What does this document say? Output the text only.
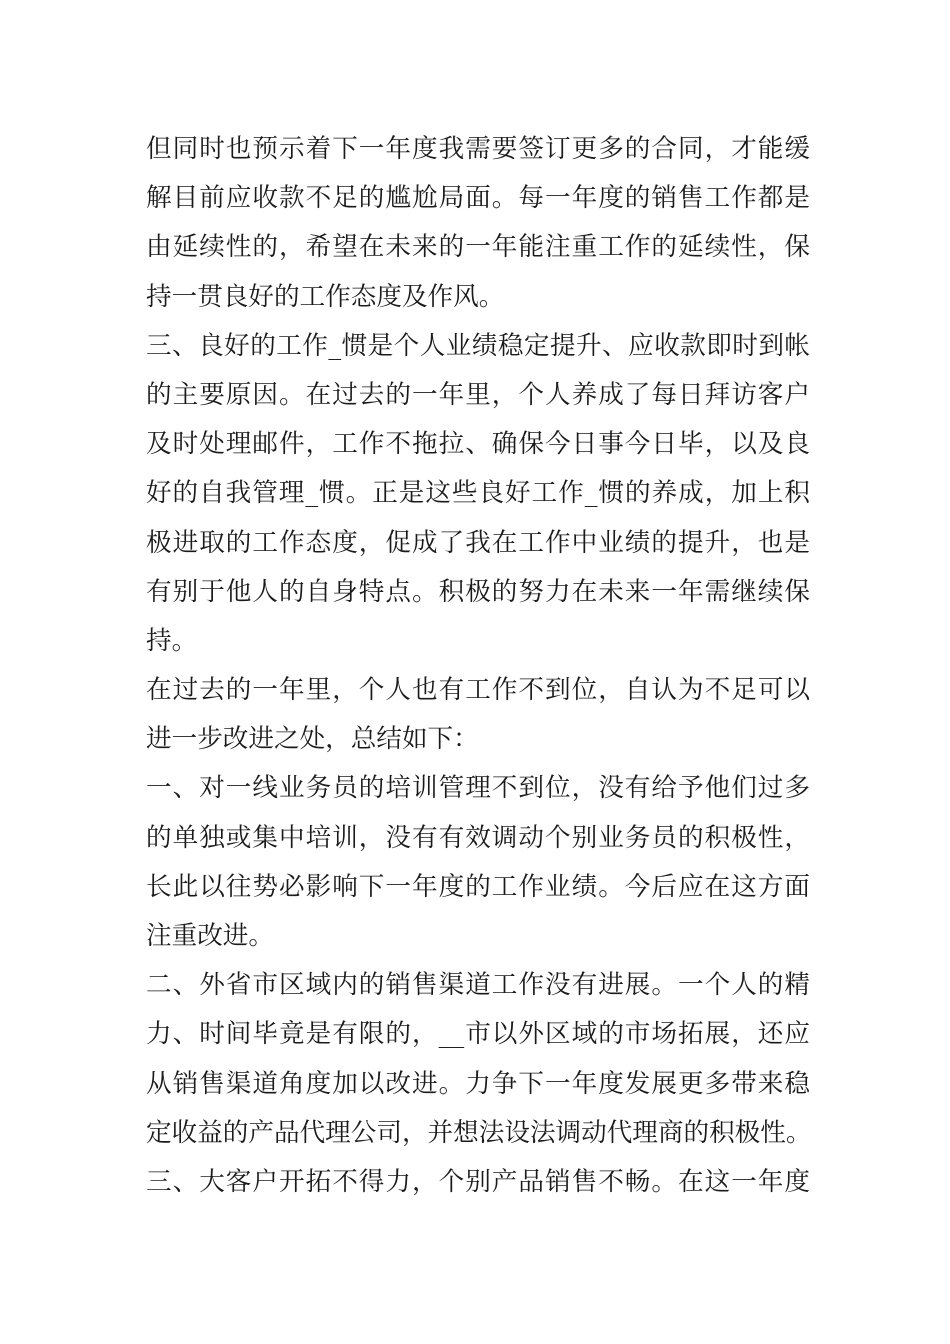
但同时也预示着下一年度我需要签订更多的合同，才能缓
解目前应收款不足的尴尬局面。每一年度的销售工作都是
由延续性的，希望在未来的一年能注重工作的延续性，保
持一贯良好的工作态度及作风。
三、良好的工作_惯是个人业绩稳定提升、应收款即时到帐
的主要原因。在过去的一年里，个人养成了每日拜访客户
及时处理邮件，工作不拖拉、确保今日事今日毕，以及良
好的自我管理_惯。正是这些良好工作_惯的养成，加上积
极进取的工作态度，促成了我在工作中业绩的提升，也是
有别于他人的自身特点。积极的努力在未来一年需继续保
持。
在过去的一年里，个人也有工作不到位，自认为不足可以
进一步改进之处，总结如下：
一、对一线业务员的培训管理不到位，没有给予他们过多
的单独或集中培训，没有有效调动个别业务员的积极性，
长此以往势必影响下一年度的工作业绩。今后应在这方面
注重改进。
二、外省市区域内的销售渠道工作没有进展。一个人的精
力、时间毕竟是有限的，__市以外区域的市场拓展，还应
从销售渠道角度加以改进。力争下一年度发展更多带来稳
定收益的产品代理公司，并想法设法调动代理商的积极性。
三、大客户开拓不得力，个别产品销售不畅。在这一年度
